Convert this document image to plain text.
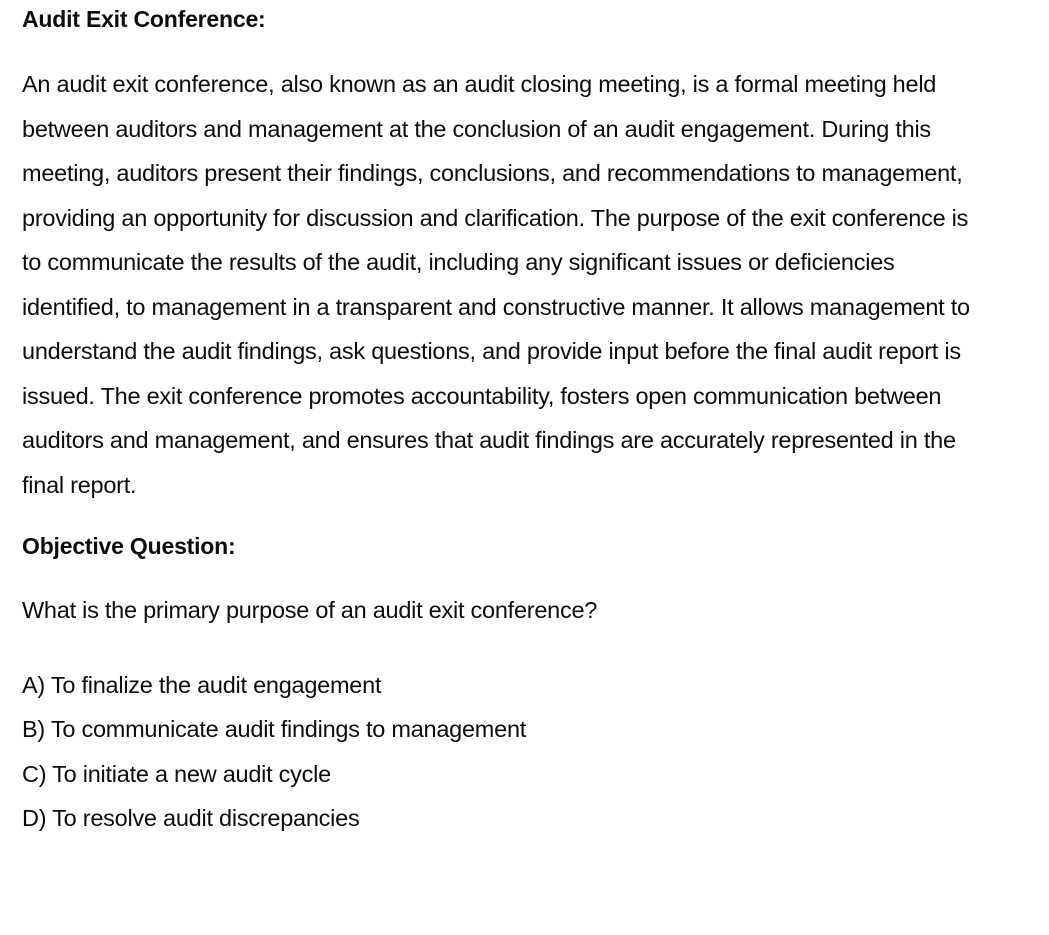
Audit Exit Conference:

An audit exit conference, also known as an audit closing meeting, is a formal meeting held between auditors and management at the conclusion of an audit engagement. During this meeting, auditors present their findings, conclusions, and recommendations to management, providing an opportunity for discussion and clarification. The purpose of the exit conference is to communicate the results of the audit, including any significant issues or deficiencies identified, to management in a transparent and constructive manner. It allows management to understand the audit findings, ask questions, and provide input before the final audit report is issued. The exit conference promotes accountability, fosters open communication between auditors and management, and ensures that audit findings are accurately represented in the final report.

Objective Question:

What is the primary purpose of an audit exit conference?

A) To finalize the audit engagement
B) To communicate audit findings to management
C) To initiate a new audit cycle
D) To resolve audit discrepancies
